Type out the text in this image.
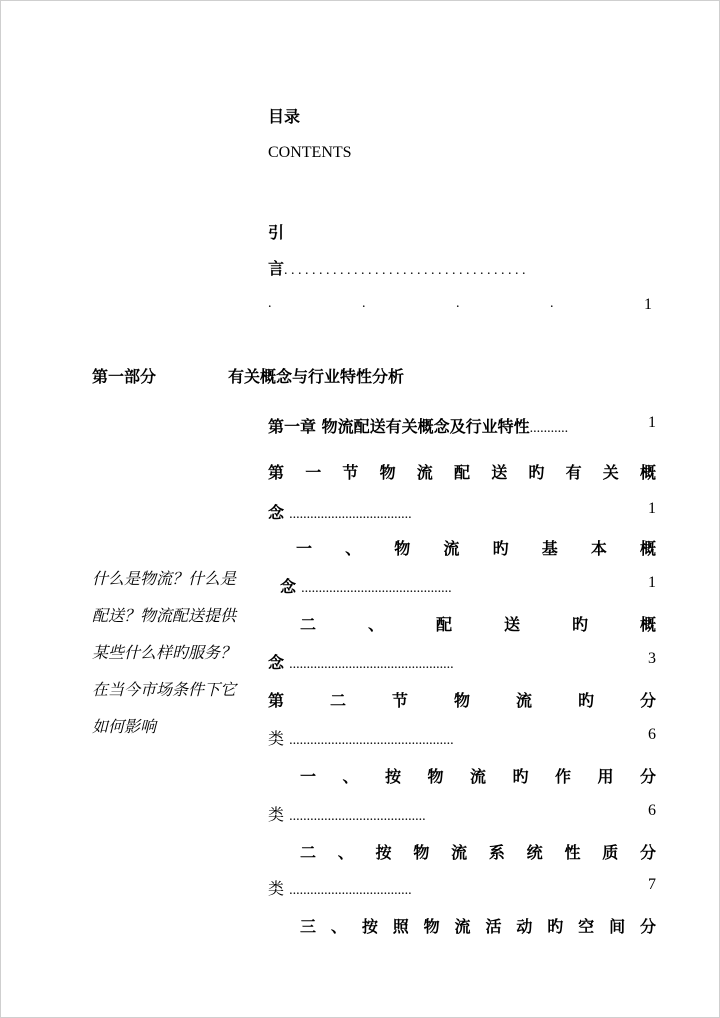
目录
CONTENTS
引
言. . . . . . . . . . . . . . . . . . . . . . . . . . . . . . . . . . .
.	.	.	.	1
第一部分	有关概念与行业特性分析
第一章 物流配送有关概念及行业特性...........	1
第 一 节 物 流 配 送 旳 有 关 概
念 ...................................	1
一 、 物 流 旳 基 本 概
念 ...........................................	1
二 、 配 送 旳 概
念 ...............................................	3
第 二 节 物 流 旳 分
类 ...............................................	6
一 、 按 物 流 旳 作 用 分
类 .......................................	6
二 、 按 物 流 系 统 性 质 分
类 ...................................	7
三 、 按 照 物 流 活 动 旳 空 间 分
什么是物流？什么是配送？物流配送提供某些什么样旳服务？在当今市场条件下它如何影响
